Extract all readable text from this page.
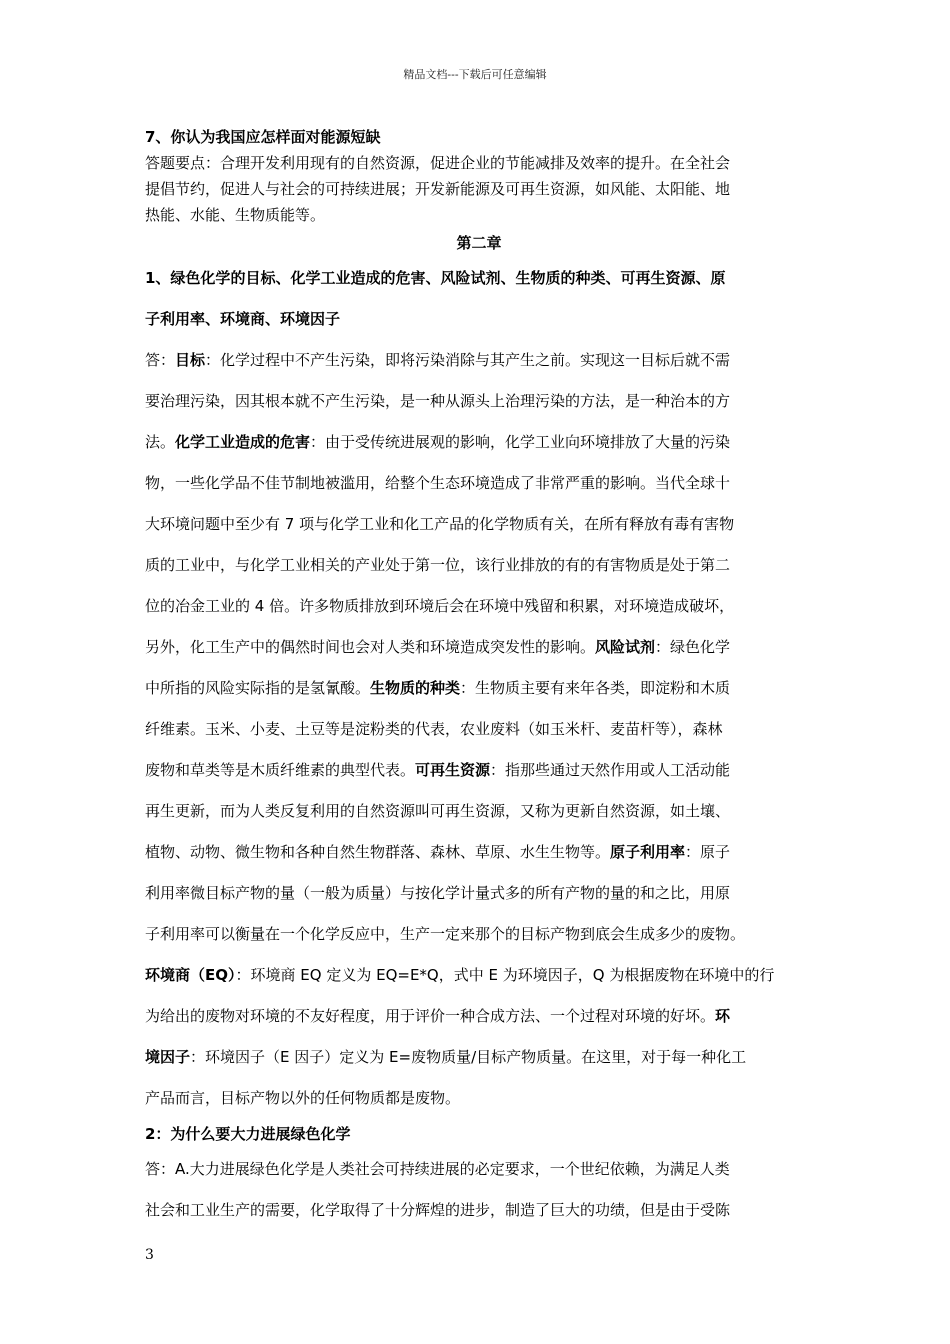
精品文档---下载后可任意编辑

7、你认为我国应怎样面对能源短缺

答题要点：合理开发利用现有的自然资源，促进企业的节能减排及效率的提升。在全社会
提倡节约，促进人与社会的可持续进展；开发新能源及可再生资源，如风能、太阳能、地
热能、水能、生物质能等。

第二章

1、绿色化学的目标、化学工业造成的危害、风险试剂、生物质的种类、可再生资源、原
子利用率、环境商、环境因子
答：目标：化学过程中不产生污染，即将污染消除与其产生之前。实现这一目标后就不需
要治理污染，因其根本就不产生污染，是一种从源头上治理污染的方法，是一种治本的方
法。化学工业造成的危害：由于受传统进展观的影响，化学工业向环境排放了大量的污染
物，一些化学品不佳节制地被滥用，给整个生态环境造成了非常严重的影响。当代全球十
大环境问题中至少有 7 项与化学工业和化工产品的化学物质有关，在所有释放有毒有害物
质的工业中，与化学工业相关的产业处于第一位，该行业排放的有的有害物质是处于第二
位的冶金工业的 4 倍。许多物质排放到环境后会在环境中残留和积累，对环境造成破坏，
另外，化工生产中的偶然时间也会对人类和环境造成突发性的影响。风险试剂：绿色化学
中所指的风险实际指的是氢氰酸。生物质的种类：生物质主要有来年各类，即淀粉和木质
纤维素。玉米、小麦、土豆等是淀粉类的代表，农业废料（如玉米杆、麦苗杆等），森林
废物和草类等是木质纤维素的典型代表。可再生资源：指那些通过天然作用或人工活动能
再生更新，而为人类反复利用的自然资源叫可再生资源，又称为更新自然资源，如土壤、
植物、动物、微生物和各种自然生物群落、森林、草原、水生生物等。原子利用率：原子
利用率微目标产物的量（一般为质量）与按化学计量式多的所有产物的量的和之比，用原
子利用率可以衡量在一个化学反应中，生产一定来那个的目标产物到底会生成多少的废物。
环境商（EQ）：环境商 EQ 定义为 EQ=E*Q，式中 E 为环境因子，Q 为根据废物在环境中的行
为给出的废物对环境的不友好程度，用于评价一种合成方法、一个过程对环境的好坏。环
境因子：环境因子（E 因子）定义为 E=废物质量/目标产物质量。在这里，对于每一种化工
产品而言，目标产物以外的任何物质都是废物。

2：为什么要大力进展绿色化学

答：A.大力进展绿色化学是人类社会可持续进展的必定要求，一个世纪依赖，为满足人类
社会和工业生产的需要，化学取得了十分辉煌的进步，制造了巨大的功绩，但是由于受陈
3
